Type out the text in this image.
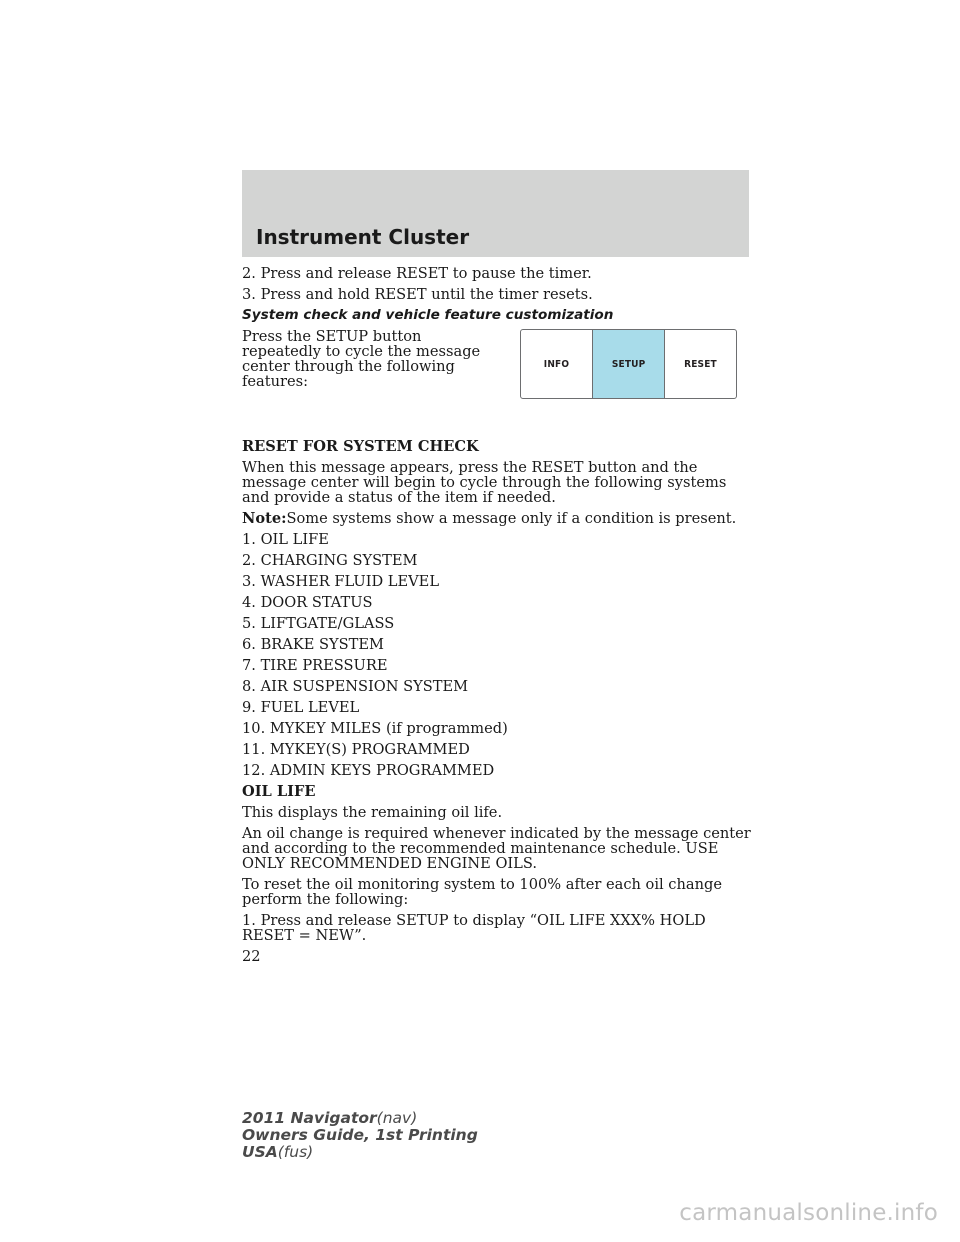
Instrument Cluster

2. Press and release RESET to pause the timer.

3. Press and hold RESET until the timer resets.

System check and vehicle feature customization

Press the SETUP button repeatedly to cycle the message center through the following features:

INFO	SETUP	RESET

RESET FOR SYSTEM CHECK

When this message appears, press the RESET button and the message center will begin to cycle through the following systems and provide a status of the item if needed.

Note:Some systems show a message only if a condition is present.

1. OIL LIFE

2. CHARGING SYSTEM

3. WASHER FLUID LEVEL

4. DOOR STATUS

5. LIFTGATE/GLASS

6. BRAKE SYSTEM

7. TIRE PRESSURE

8. AIR SUSPENSION SYSTEM

9. FUEL LEVEL

10. MYKEY MILES (if programmed)

11. MYKEY(S) PROGRAMMED

12. ADMIN KEYS PROGRAMMED

OIL LIFE

This displays the remaining oil life.

An oil change is required whenever indicated by the message center and according to the recommended maintenance schedule. USE ONLY RECOMMENDED ENGINE OILS.

To reset the oil monitoring system to 100% after each oil change perform the following:

1. Press and release SETUP to display “OIL LIFE XXX% HOLD RESET = NEW”.

22

2011 Navigator(nav)
Owners Guide, 1st Printing
USA(fus)
carmanualsonline.info
